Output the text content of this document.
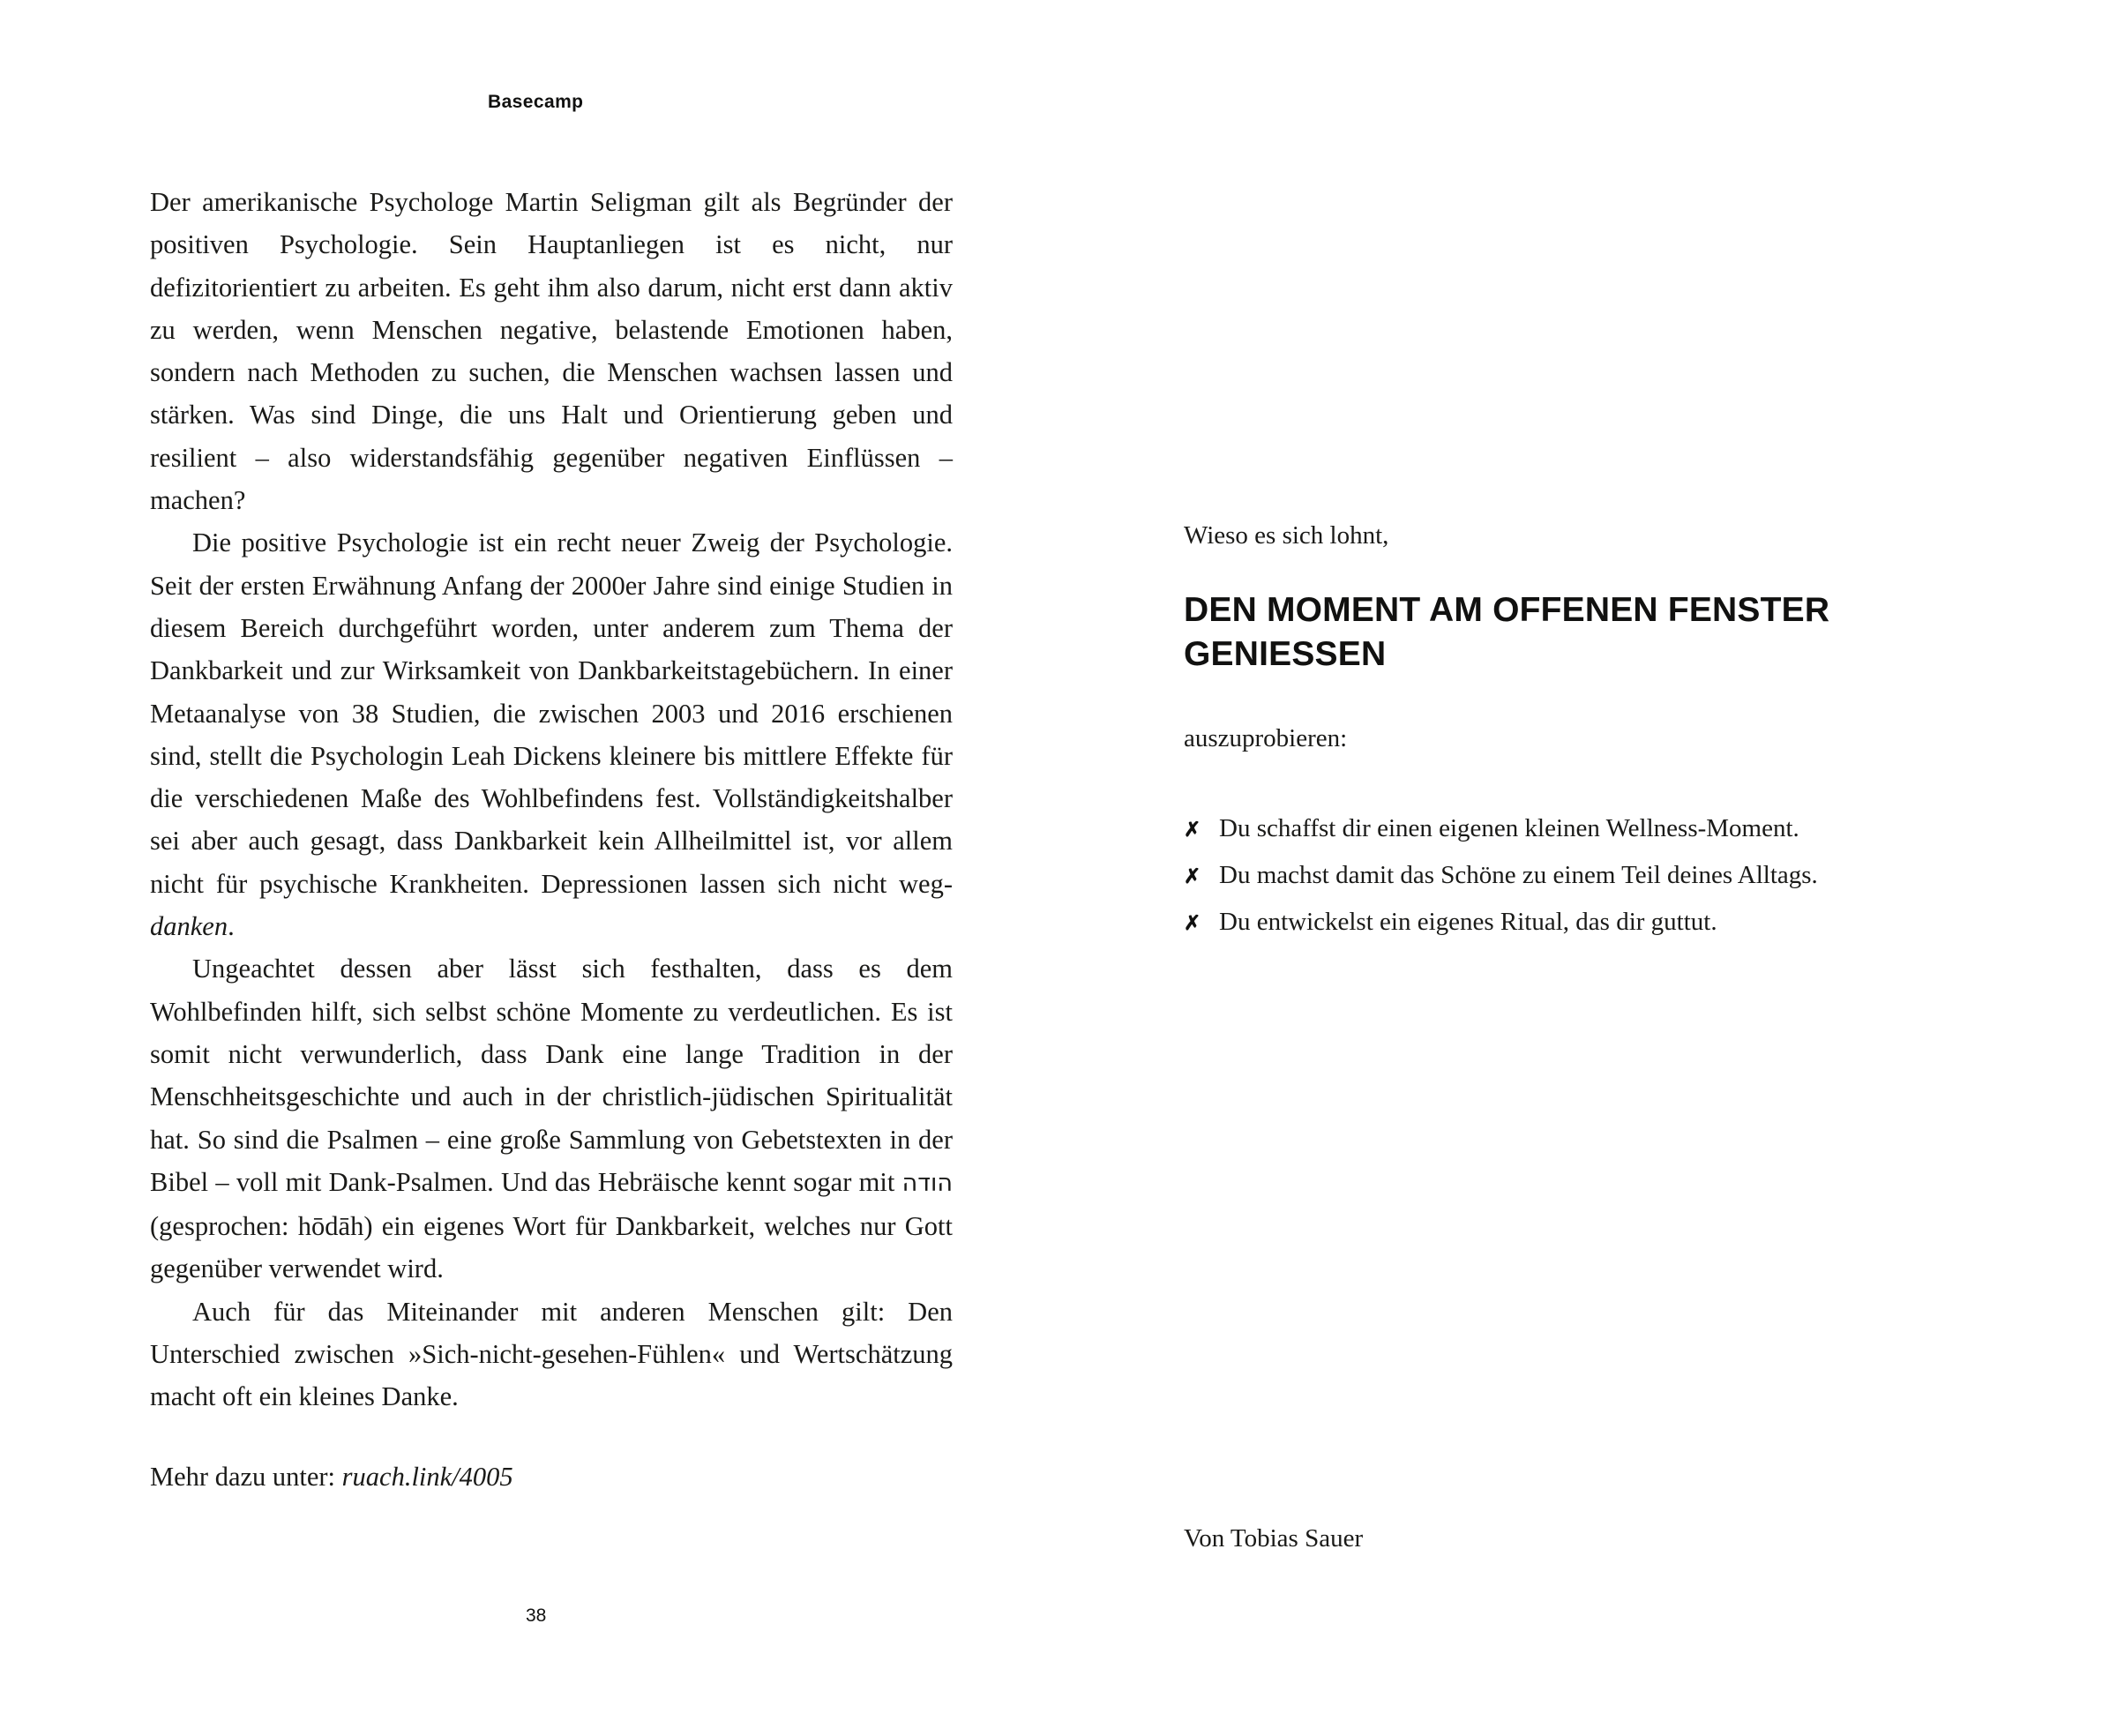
Basecamp

Der amerikanische Psychologe Martin Seligman gilt als Begründer der positiven Psychologie. Sein Hauptanliegen ist es nicht, nur defizitorientiert zu arbeiten. Es geht ihm also darum, nicht erst dann aktiv zu werden, wenn Menschen negative, belastende Emotionen haben, sondern nach Methoden zu suchen, die Menschen wachsen lassen und stärken. Was sind Dinge, die uns Halt und Orientierung geben und resilient – also widerstandsfähig gegenüber negativen Einflüssen – machen?

Die positive Psychologie ist ein recht neuer Zweig der Psychologie. Seit der ersten Erwähnung Anfang der 2000er Jahre sind einige Studien in diesem Bereich durchgeführt worden, unter anderem zum Thema der Dankbarkeit und zur Wirksamkeit von Dankbarkeitstagebüchern. In einer Metaanalyse von 38 Studien, die zwischen 2003 und 2016 erschienen sind, stellt die Psychologin Leah Dickens kleinere bis mittlere Effekte für die verschiedenen Maße des Wohlbefindens fest. Vollständigkeitshalber sei aber auch gesagt, dass Dankbarkeit kein Allheilmittel ist, vor allem nicht für psychische Krankheiten. Depressionen lassen sich nicht weg-danken.

Ungeachtet dessen aber lässt sich festhalten, dass es dem Wohlbefinden hilft, sich selbst schöne Momente zu verdeutlichen. Es ist somit nicht verwunderlich, dass Dank eine lange Tradition in der Menschheitsgeschichte und auch in der christlich-jüdischen Spiritualität hat. So sind die Psalmen – eine große Sammlung von Gebetstexten in der Bibel – voll mit Dank-Psalmen. Und das Hebräische kennt sogar mit הודה (gesprochen: hōdāh) ein eigenes Wort für Dankbarkeit, welches nur Gott gegenüber verwendet wird.

Auch für das Miteinander mit anderen Menschen gilt: Den Unterschied zwischen »Sich-nicht-gesehen-Fühlen« und Wertschätzung macht oft ein kleines Danke.

Mehr dazu unter: ruach.link/4005
38

Wieso es sich lohnt,

DEN MOMENT AM OFFENEN FENSTER GENIESSEN

auszuprobieren:

✗ Du schaffst dir einen eigenen kleinen Wellness-Moment.
✗ Du machst damit das Schöne zu einem Teil deines Alltags.
✗ Du entwickelst ein eigenes Ritual, das dir guttut.
Von Tobias Sauer
